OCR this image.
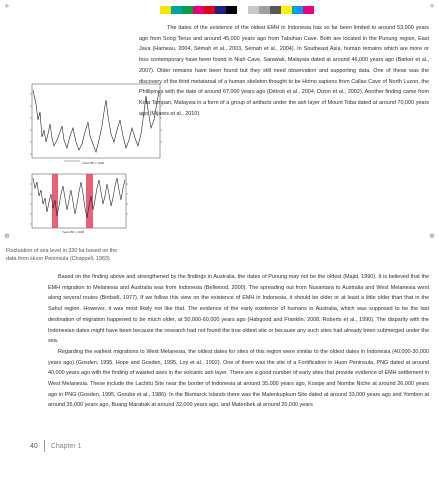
+	+
⊕	⊕
Years BP x 1000
Years BP x 1000
Fluctuation of sea level in 330 ka based on the data from Huon Peninsula (Chappell, 1983).

The dates of the existence of the oldest EMH in Indonesia has so far been limited to around 53,000 years ago from Song Terus and around 45,000 years ago from Tabuhan Cave. Both are located in the Punung region, East Java (Hameau, 2004, Sémah et al., 2003, Sémah et al., 2004). In Southeast Asia, human remains which are more or less contemporary have been found in Niah Cave, Sarawak, Malaysia dated at around 46,000 years ago (Barker et al., 2007). Older remains have been found but they still need observation and supporting data. One of these was the discovery of the third metatarsal of a human skeleton thought to be Homo sapiens from Callao Cave of North Luzon, the Phillipines with the date of around 67,000 years ago (Détroit et al., 2004, Dizon et al., 2002). Another finding came from Kota Tampan, Malaysia in a form of a group of artifacts under the ash layer of Mount Toba dated at around 70,000 years ago (Mijares et al., 2010).

Based on the finding above and strengthened by the findings in Australia, the dates of Punung may not be the oldest (Majid, 1990). It is believed that the EMH migration to Melanesia and Australia was from Indonesia (Bellwood, 2000). The spreading out from Nusantara to Australia and West Melanesia went along several routes (Birdsell, 1977). If we follow this view on the existence of EMH in Indonesia, it should be older or at least a little older than that in the Sahul region. However, it was most likely not like that. The evidence of the early existence of humans in Australia, which was supposed to be the last destination of migration happened to be much older, at 50,000-60,000 years ago (Habgood and Franklin, 2008, Roberts et al., 1990). The disparity with the Indonesian dates might have been because the research had not found the true oldest site or because any such sites had already been submerged under the sea.

Regarding the earliest migrations to West Melanesia, the oldest dates for sites of this region were similar to the oldest dates in Indonesia (40,000-30,000 years ago) (Gosden, 1995, Hope and Gosden, 1995, Loy et al., 1992). One of them was the site of a Fortification in Huon Peninsula, PNG dated at around 40,000 years ago with the finding of waisted axes in the volcanic ash layer. There are a good number of early sites that provide evidence of EMH settlement in West Melanesia. These include the Lachitu Site near the border of Indonesia at around 35,000 years ago, Kosipe and Nombe Niche at around 26,000 years ago in PNG (Gosden, 1995, Groube et al., 1986). In the Bismarck Islands there was the Matenkupkum Site dated at around 33,000 years ago and Yombon at around 35,000 years ago, Buang Marabak at around 32,000 years ago, and Matenbek at around 20,000 years

40 Chapter 1
